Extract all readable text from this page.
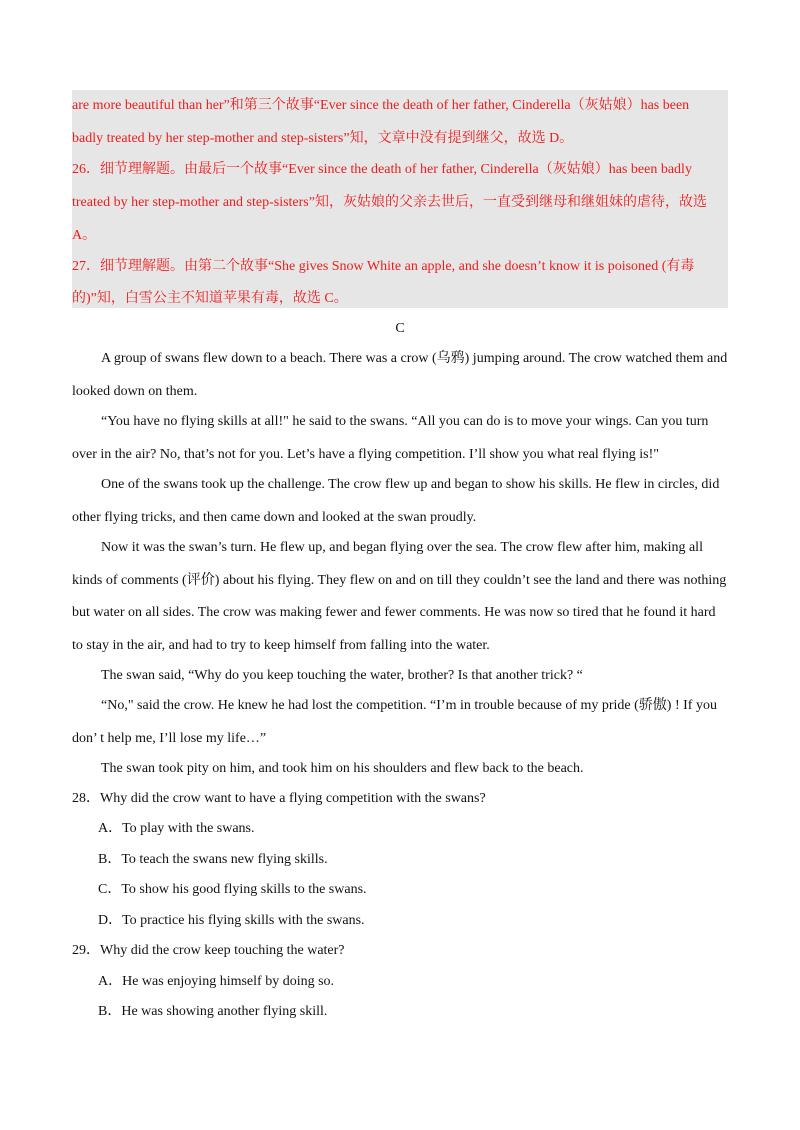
are more beautiful than her”和第三个故事“Ever since the death of her father, Cinderella（灰姑娘）has been
badly treated by her step-mother and step-sisters”知，文章中没有提到继父，故选 D。
26．细节理解题。由最后一个故事“Ever since the death of her father, Cinderella（灰姑娘）has been badly
treated by her step-mother and step-sisters”知，灰姑娘的父亲去世后，一直受到继母和继姐妹的虐待，故选
A。
27．细节理解题。由第二个故事“She gives Snow White an apple, and she doesn’t know it is poisoned (有毒
的)”知，白雪公主不知道苹果有毒，故选 C。
C
A group of swans flew down to a beach. There was a crow (乌鸦) jumping around. The crow watched them and
looked down on them.
“You have no flying skills at all!" he said to the swans. “All you can do is to move your wings. Can you turn
over in the air? No, that’s not for you. Let’s have a flying competition. I’ll show you what real flying is!"
One of the swans took up the challenge. The crow flew up and began to show his skills. He flew in circles, did
other flying tricks, and then came down and looked at the swan proudly.
Now it was the swan’s turn. He flew up, and began flying over the sea. The crow flew after him, making all
kinds of comments (评价) about his flying. They flew on and on till they couldn’t see the land and there was nothing
but water on all sides. The crow was making fewer and fewer comments. He was now so tired that he found it hard
to stay in the air, and had to try to keep himself from falling into the water.
The swan said, “Why do you keep touching the water, brother? Is that another trick? “
“No," said the crow. He knew he had lost the competition. “I’m in trouble because of my pride (骄傲) ! If you
don’ t help me, I’ll lose my life…”
The swan took pity on him, and took him on his shoulders and flew back to the beach.
28．Why did the crow want to have a flying competition with the swans?
A．To play with the swans.
B．To teach the swans new flying skills.
C．To show his good flying skills to the swans.
D．To practice his flying skills with the swans.
29．Why did the crow keep touching the water?
A．He was enjoying himself by doing so.
B．He was showing another flying skill.
